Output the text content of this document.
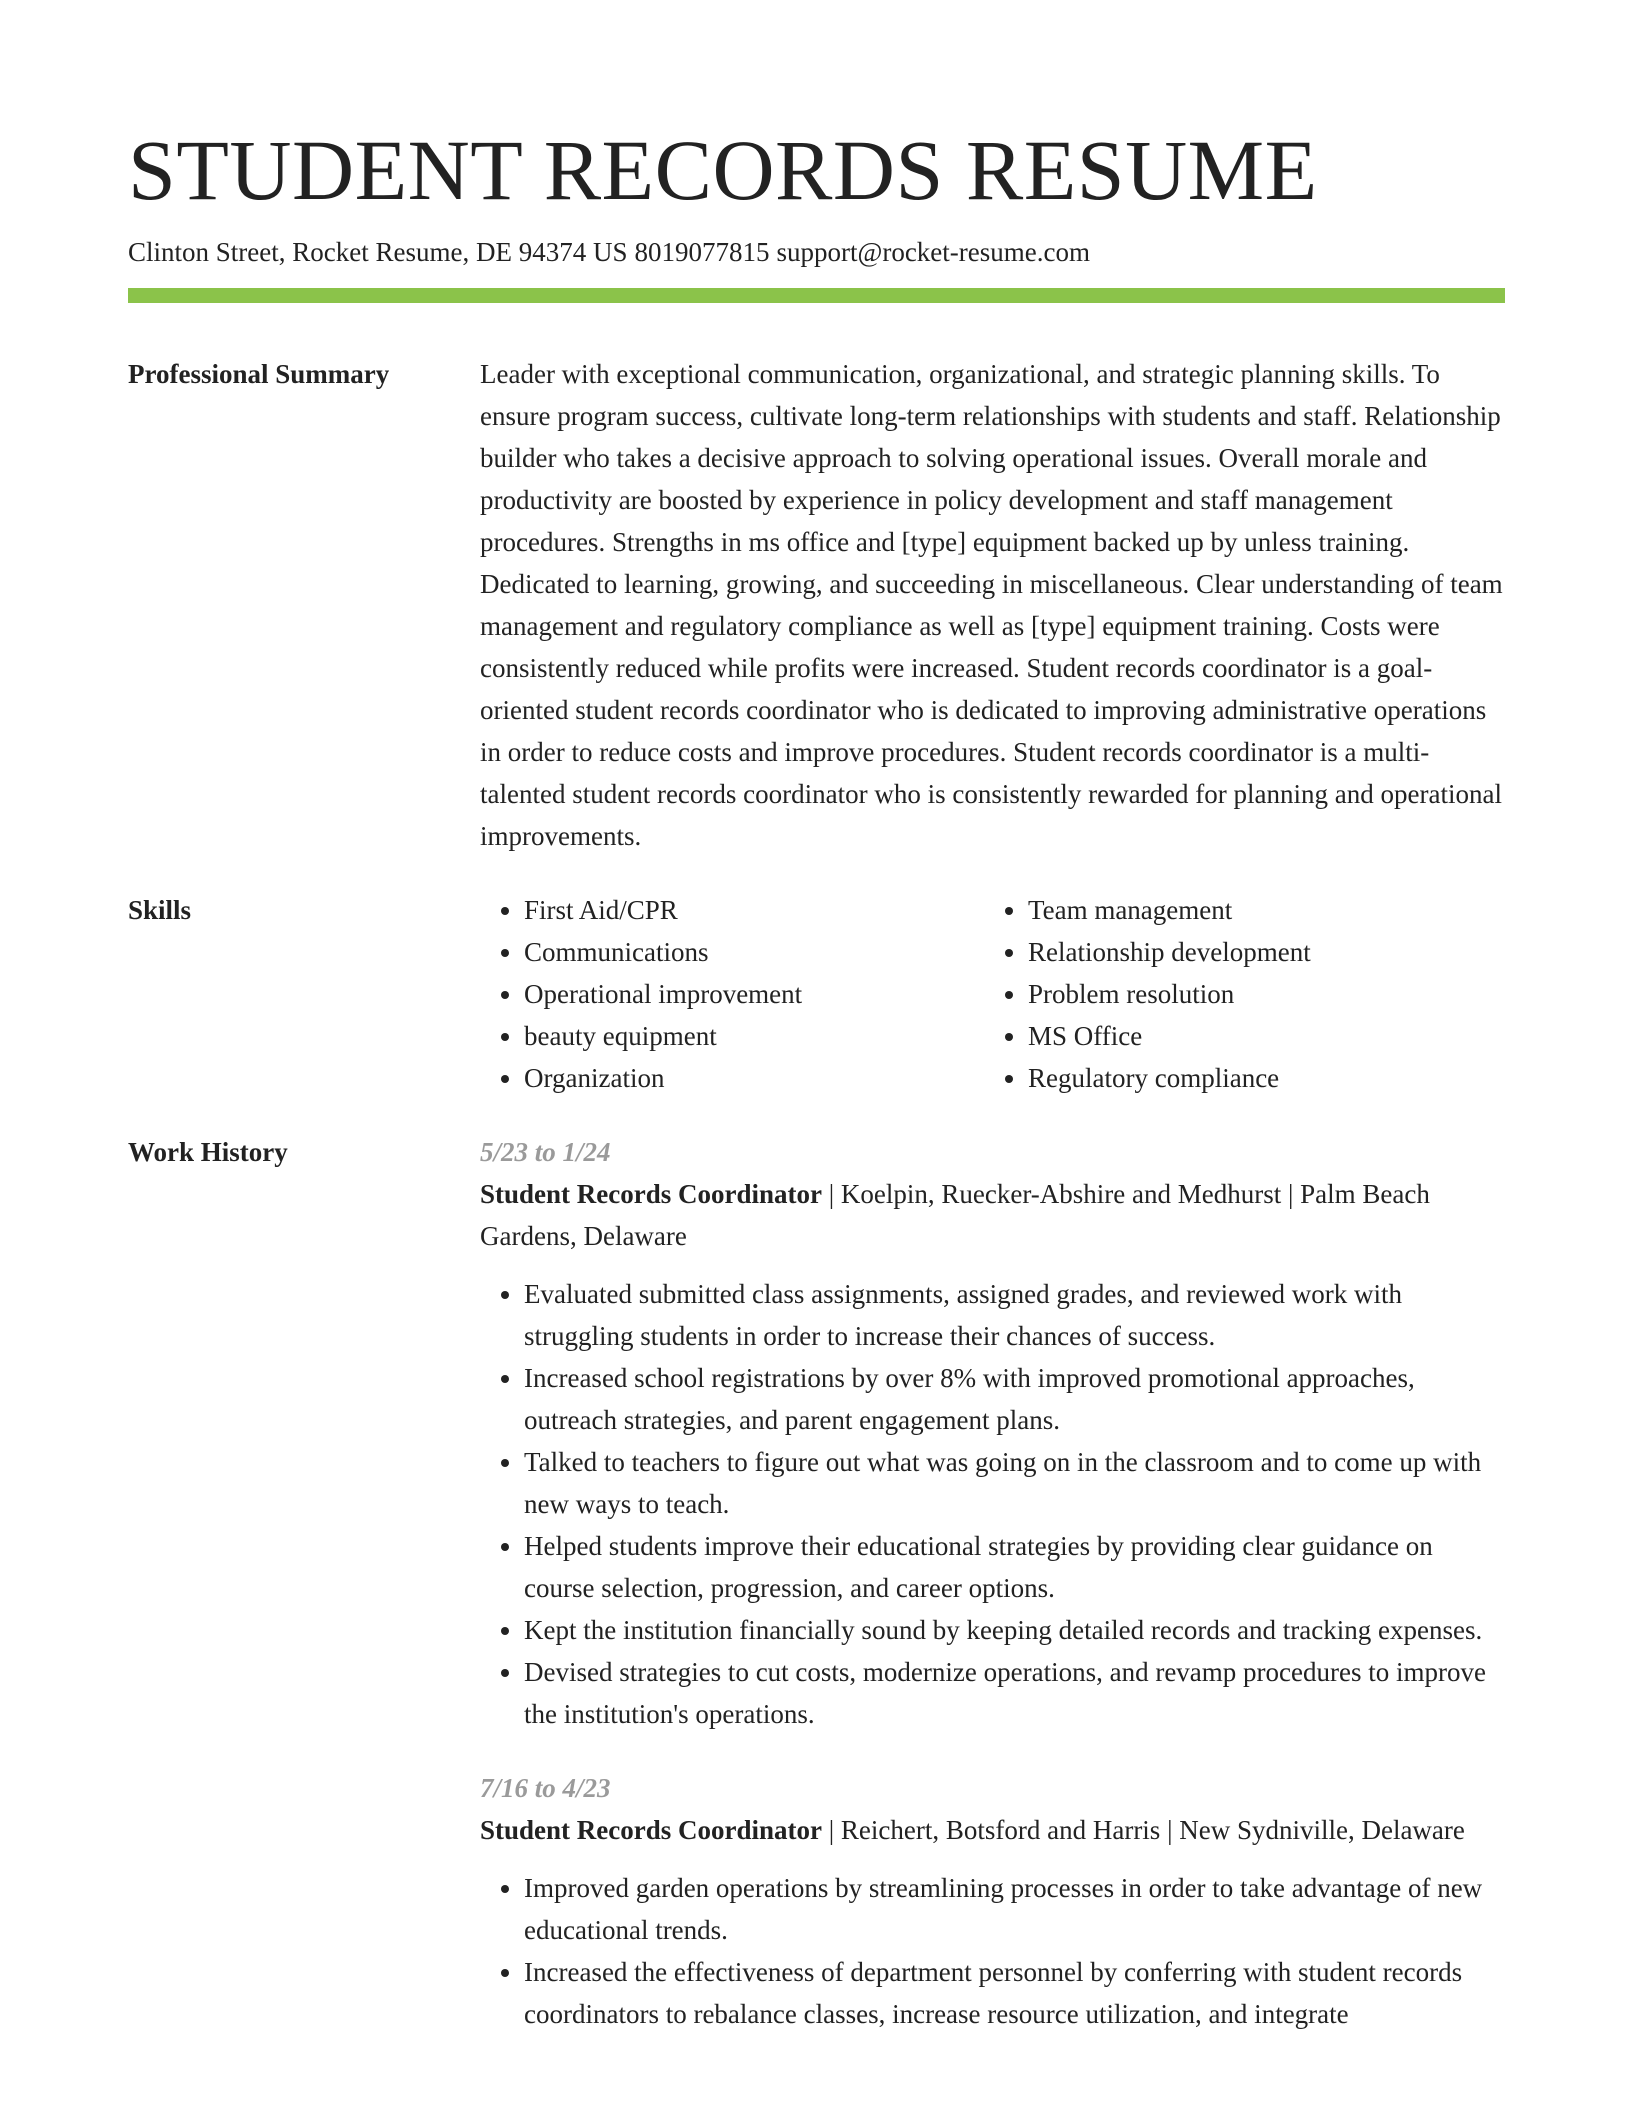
STUDENT RECORDS RESUME
Clinton Street, Rocket Resume, DE 94374 US 8019077815 support@rocket-resume.com
Professional Summary	Leader with exceptional communication, organizational, and strategic planning skills. To ensure program success, cultivate long-term relationships with students and staff. Relationship builder who takes a decisive approach to solving operational issues. Overall morale and productivity are boosted by experience in policy development and staff management procedures. Strengths in ms office and [type] equipment backed up by unless training. Dedicated to learning, growing, and succeeding in miscellaneous. Clear understanding of team management and regulatory compliance as well as [type] equipment training. Costs were consistently reduced while profits were increased. Student records coordinator is a goal-oriented student records coordinator who is dedicated to improving administrative operations in order to reduce costs and improve procedures. Student records coordinator is a multi-talented student records coordinator who is consistently rewarded for planning and operational improvements.
Skills
•	First Aid/CPR
• Communications
• Operational improvement
• beauty equipment
• Organization
• Team management
• Relationship development
• Problem resolution
• MS Office
• Regulatory compliance
Work History	5/23 to 1/24
Student Records Coordinator | Koelpin, Ruecker-Abshire and Medhurst | Palm Beach Gardens, Delaware
• Evaluated submitted class assignments, assigned grades, and reviewed work with struggling students in order to increase their chances of success.
• Increased school registrations by over 8% with improved promotional approaches, outreach strategies, and parent engagement plans.
• Talked to teachers to figure out what was going on in the classroom and to come up with new ways to teach.
• Helped students improve their educational strategies by providing clear guidance on course selection, progression, and career options.
• Kept the institution financially sound by keeping detailed records and tracking expenses.
• Devised strategies to cut costs, modernize operations, and revamp procedures to improve the institution's operations.
7/16 to 4/23
Student Records Coordinator | Reichert, Botsford and Harris | New Sydniville, Delaware
• Improved garden operations by streamlining processes in order to take advantage of new educational trends.
• Increased the effectiveness of department personnel by conferring with student records coordinators to rebalance classes, increase resource utilization, and integrate
